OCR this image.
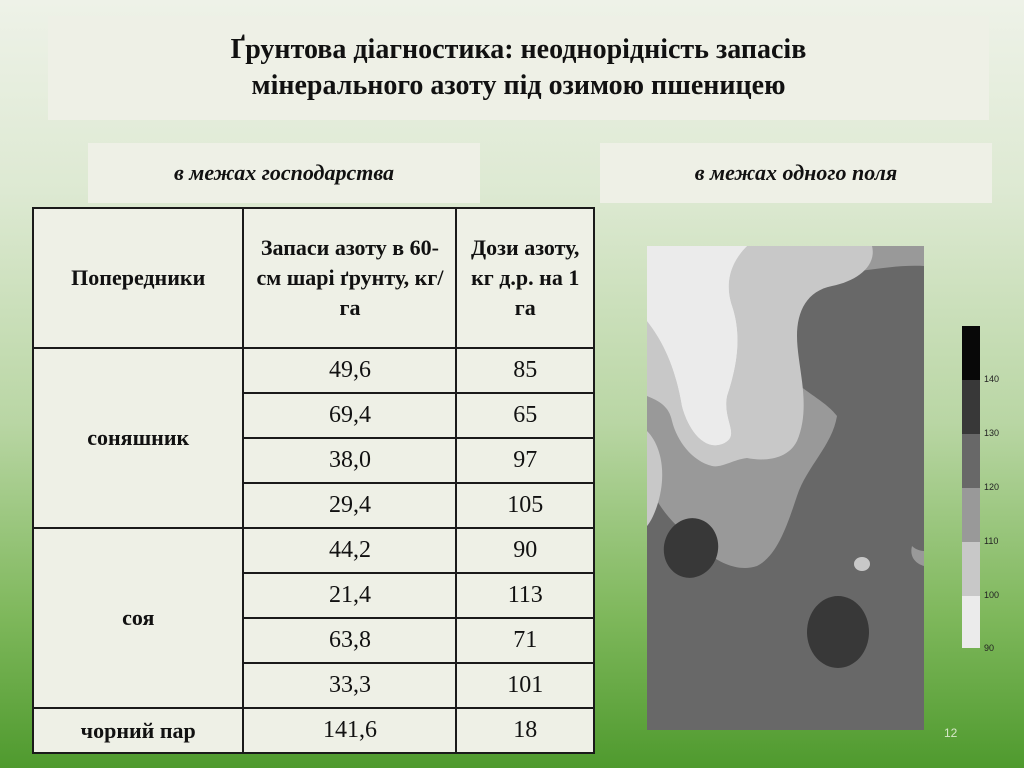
Ґрунтова діагностика: неоднорідність запасів
мінерального азоту під озимою пшеницею
в межах господарства	в межах одного поля
Попередники	Запаси азоту в 60-см шарі ґрунту, кг/га	Дози азоту, кг д.р. на 1 га
соняшник	49,6	85
	69,4	65
	38,0	97
	29,4	105
соя	44,2	90
	21,4	113
	63,8	71
	33,3	101
чорний пар	141,6	18
140
130
120
110
100
90
12
